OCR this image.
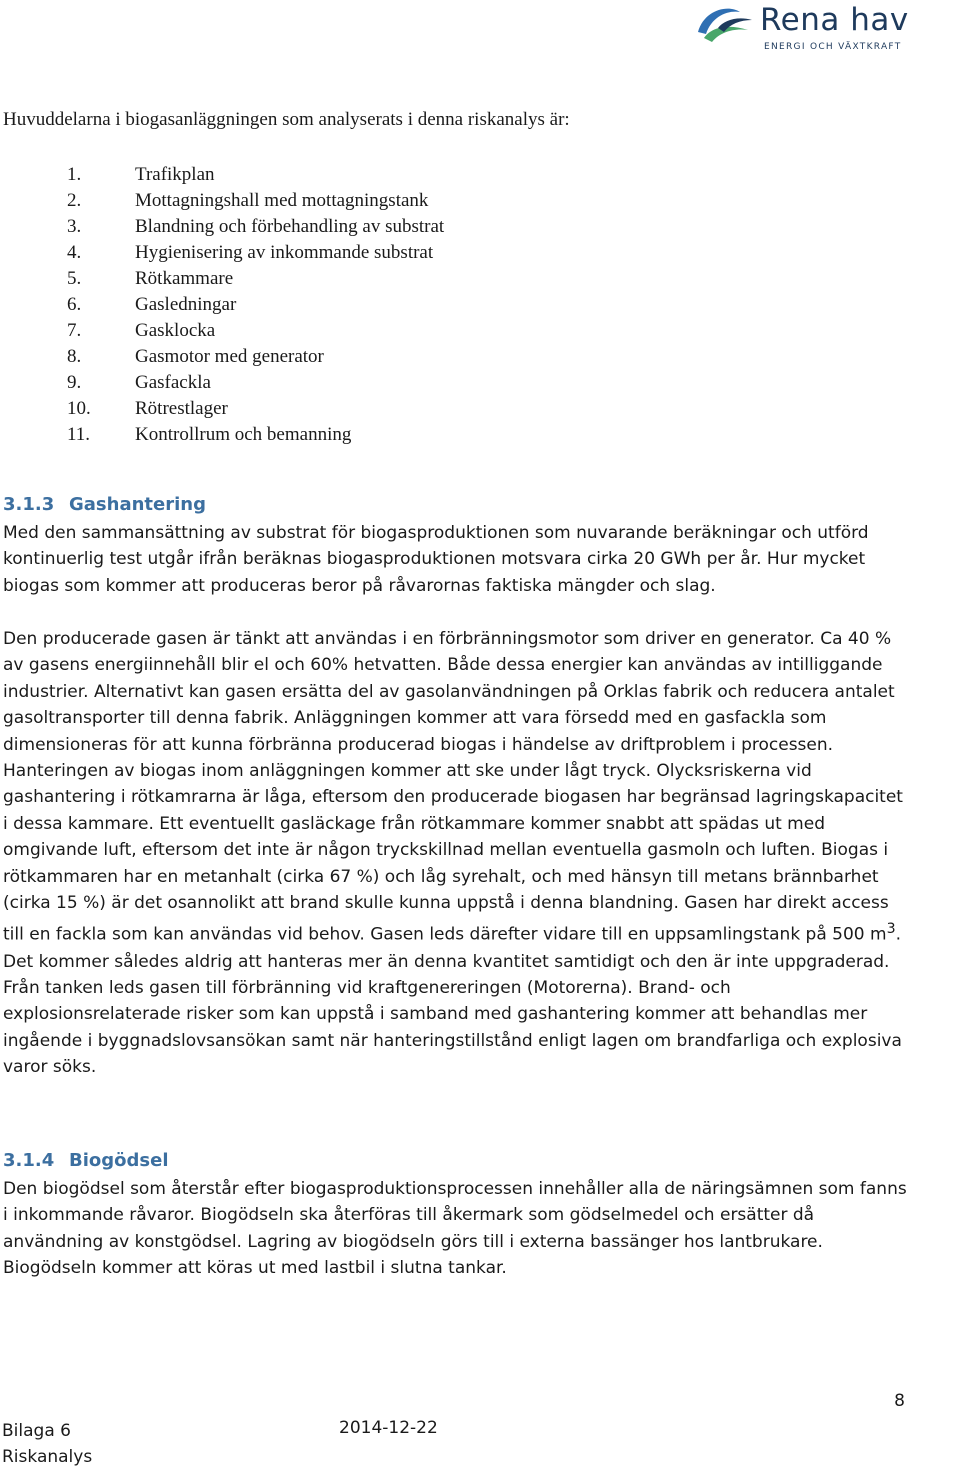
Rena hav
ENERGI OCH VÄXTKRAFT

Huvuddelarna i biogasanläggningen som analyserats i denna riskanalys är:

1.	Trafikplan
2.	Mottagningshall med mottagningstank
3.	Blandning och förbehandling av substrat
4.	Hygienisering av inkommande substrat
5.	Rötkammare
6.	Gasledningar
7.	Gasklocka
8.	Gasmotor med generator
9.	Gasfackla
10. Rötrestlager
11. Kontrollrum och bemanning
3.1.3 Gashantering

Med den sammansättning av substrat för biogasproduktionen som nuvarande beräkningar och utförd kontinuerlig test utgår ifrån beräknas biogasproduktionen motsvara cirka 20 GWh per år. Hur mycket biogas som kommer att produceras beror på råvarornas faktiska mängder och slag.

Den producerade gasen är tänkt att användas i en förbränningsmotor som driver en generator. Ca 40 % av gasens energiinnehåll blir el och 60% hetvatten. Både dessa energier kan användas av intilliggande industrier. Alternativt kan gasen ersätta del av gasolanvändningen på Orklas fabrik och reducera antalet gasoltransporter till denna fabrik. Anläggningen kommer att vara försedd med en gasfackla som dimensioneras för att kunna förbränna producerad biogas i händelse av driftproblem i processen. Hanteringen av biogas inom anläggningen kommer att ske under lågt tryck. Olycksriskerna vid gashantering i rötkamrarna är låga, eftersom den producerade biogasen har begränsad lagringskapacitet i dessa kammare. Ett eventuellt gasläckage från rötkammare kommer snabbt att spädas ut med omgivande luft, eftersom det inte är någon tryckskillnad mellan eventuella gasmoln och luften. Biogas i rötkammaren har en metanhalt (cirka 67 %) och låg syrehalt, och med hänsyn till metans brännbarhet (cirka 15 %) är det osannolikt att brand skulle kunna uppstå i denna blandning. Gasen har direkt access till en fackla som kan användas vid behov. Gasen leds därefter vidare till en uppsamlingstank på 500 $m^3$. Det kommer således aldrig att hanteras mer än denna kvantitet samtidigt och den är inte uppgraderad. Från tanken leds gasen till förbränning vid kraftgenereringen (Motorerna). Brand- och explosionsrelaterade risker som kan uppstå i samband med gashantering kommer att behandlas mer ingående i byggnadslovsansökan samt när hanteringstillstånd enligt lagen om brandfarliga och explosiva varor söks.

3.1.4 Biogödsel

Den biogödsel som återstår efter biogasproduktionsprocessen innehåller alla de näringsämnen som fanns i inkommande råvaror. Biogödseln ska återföras till åkermark som gödselmedel och ersätter då användning av konstgödsel. Lagring av biogödseln görs till i externa bassänger hos lantbrukare. Biogödseln kommer att köras ut med lastbil i slutna tankar.

8
Bilaga 6
Riskanalys
2014-12-22
